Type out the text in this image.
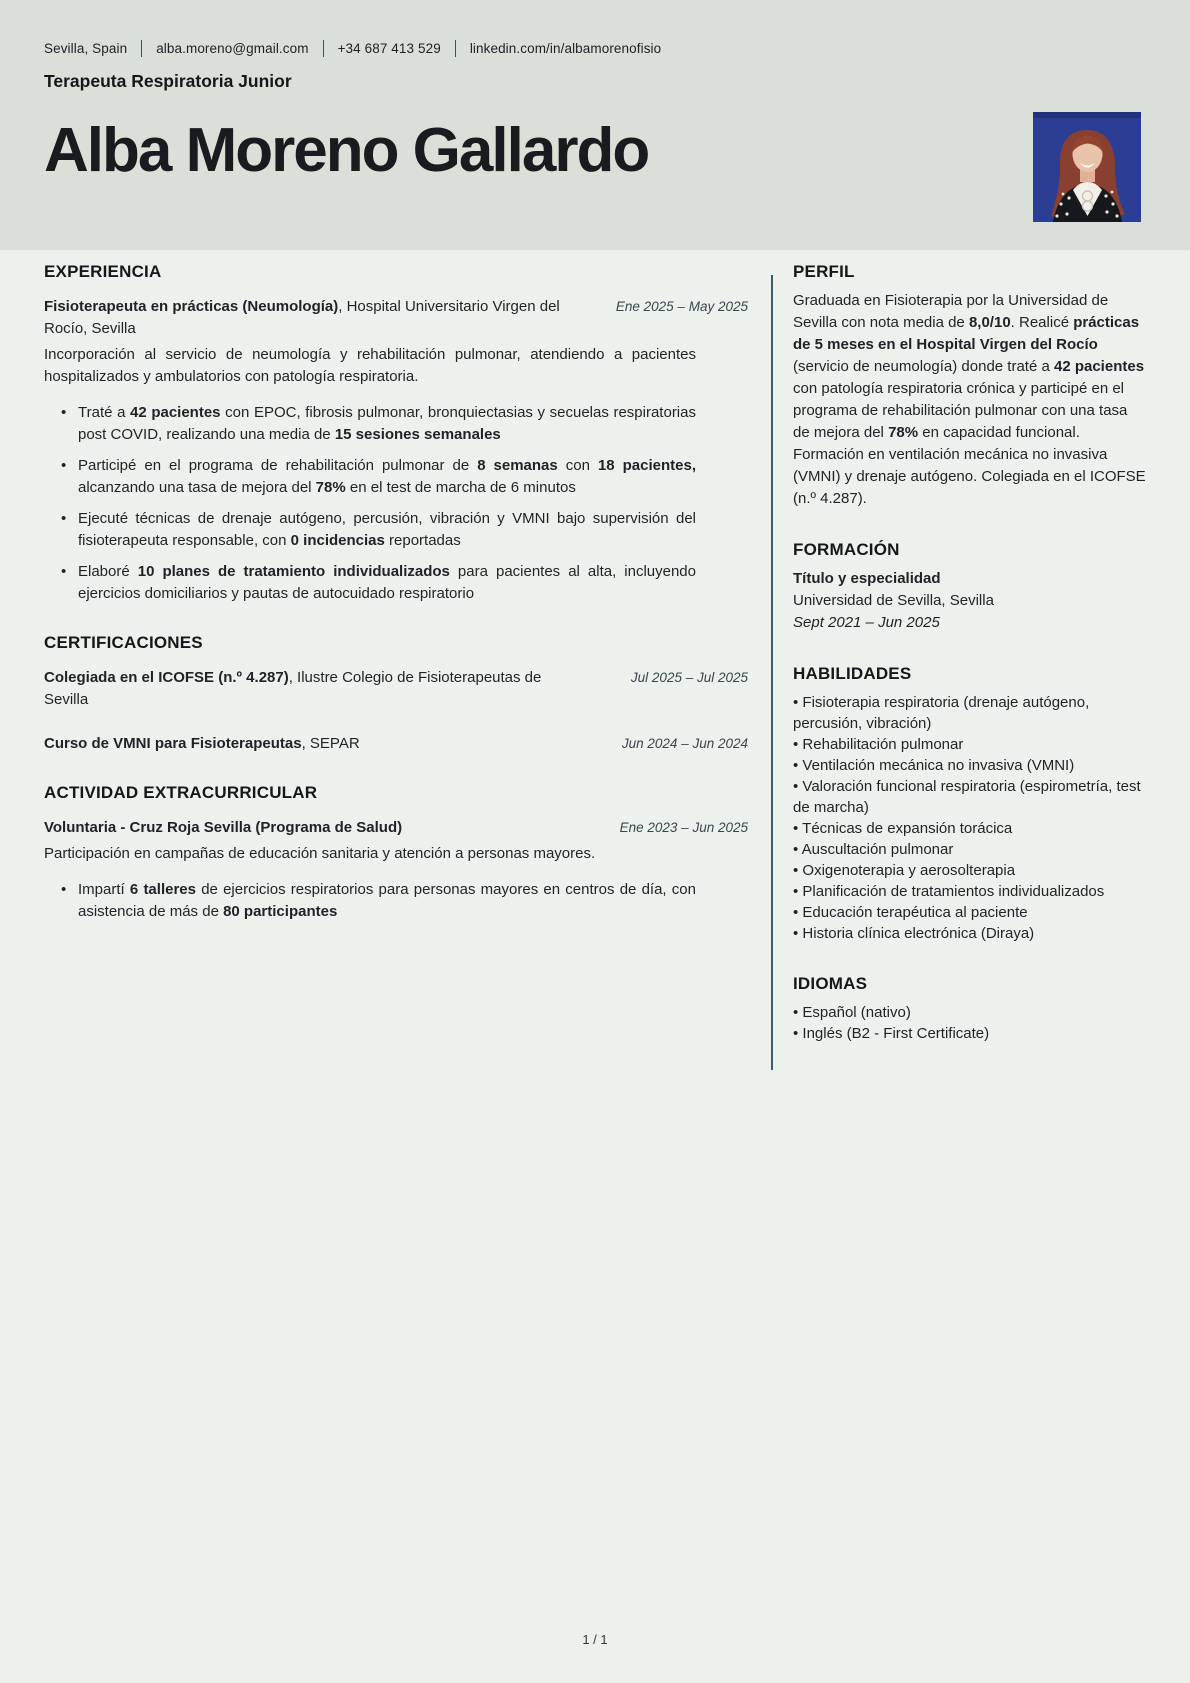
Sevilla, Spain alba.moreno@gmail.com +34 687 413 529 linkedin.com/in/albamorenofisio
Terapeuta Respiratoria Junior
Alba Moreno Gallardo
EXPERIENCIA
Fisioterapeuta en prácticas (Neumología), Hospital Universitario Virgen del Rocío, Sevilla
Ene 2025 – May 2025

Incorporación al servicio de neumología y rehabilitación pulmonar, atendiendo a pacientes hospitalizados y ambulatorios con patología respiratoria.

• Traté a 42 pacientes con EPOC, fibrosis pulmonar, bronquiectasias y secuelas respiratorias post COVID, realizando una media de 15 sesiones semanales
• Participé en el programa de rehabilitación pulmonar de 8 semanas con 18 pacientes, alcanzando una tasa de mejora del 78% en el test de marcha de 6 minutos
• Ejecuté técnicas de drenaje autógeno, percusión, vibración y VMNI bajo supervisión del fisioterapeuta responsable, con 0 incidencias reportadas
• Elaboré 10 planes de tratamiento individualizados para pacientes al alta, incluyendo ejercicios domiciliarios y pautas de autocuidado respiratorio
CERTIFICACIONES
Colegiada en el ICOFSE (n.º 4.287), Ilustre Colegio de Fisioterapeutas de Sevilla
Jul 2025 – Jul 2025
Curso de VMNI para Fisioterapeutas, SEPAR	Jun 2024 – Jun 2024
ACTIVIDAD EXTRACURRICULAR
Voluntaria - Cruz Roja Sevilla (Programa de Salud)	Ene 2023 – Jun 2025

Participación en campañas de educación sanitaria y atención a personas mayores.

• Impartí 6 talleres de ejercicios respiratorios para personas mayores en centros de día, con asistencia de más de 80 participantes
PERFIL

Graduada en Fisioterapia por la Universidad de Sevilla con nota media de 8,0/10. Realicé prácticas de 5 meses en el Hospital Virgen del Rocío (servicio de neumología) donde traté a 42 pacientes con patología respiratoria crónica y participé en el programa de rehabilitación pulmonar con una tasa de mejora del 78% en capacidad funcional. Formación en ventilación mecánica no invasiva (VMNI) y drenaje autógeno. Colegiada en el ICOFSE (n.º 4.287).

FORMACIÓN
Título y especialidad
Universidad de Sevilla, Sevilla
Sept 2021 – Jun 2025
HABILIDADES
• Fisioterapia respiratoria (drenaje autógeno, percusión, vibración)
• Rehabilitación pulmonar
• Ventilación mecánica no invasiva (VMNI)
• Valoración funcional respiratoria (espirometría, test de marcha)
• Técnicas de expansión torácica
• Auscultación pulmonar
• Oxigenoterapia y aerosolterapia
• Planificación de tratamientos individualizados
• Educación terapéutica al paciente
• Historia clínica electrónica (Diraya)
IDIOMAS
• Español (nativo)
• Inglés (B2 - First Certificate)
1 / 1
